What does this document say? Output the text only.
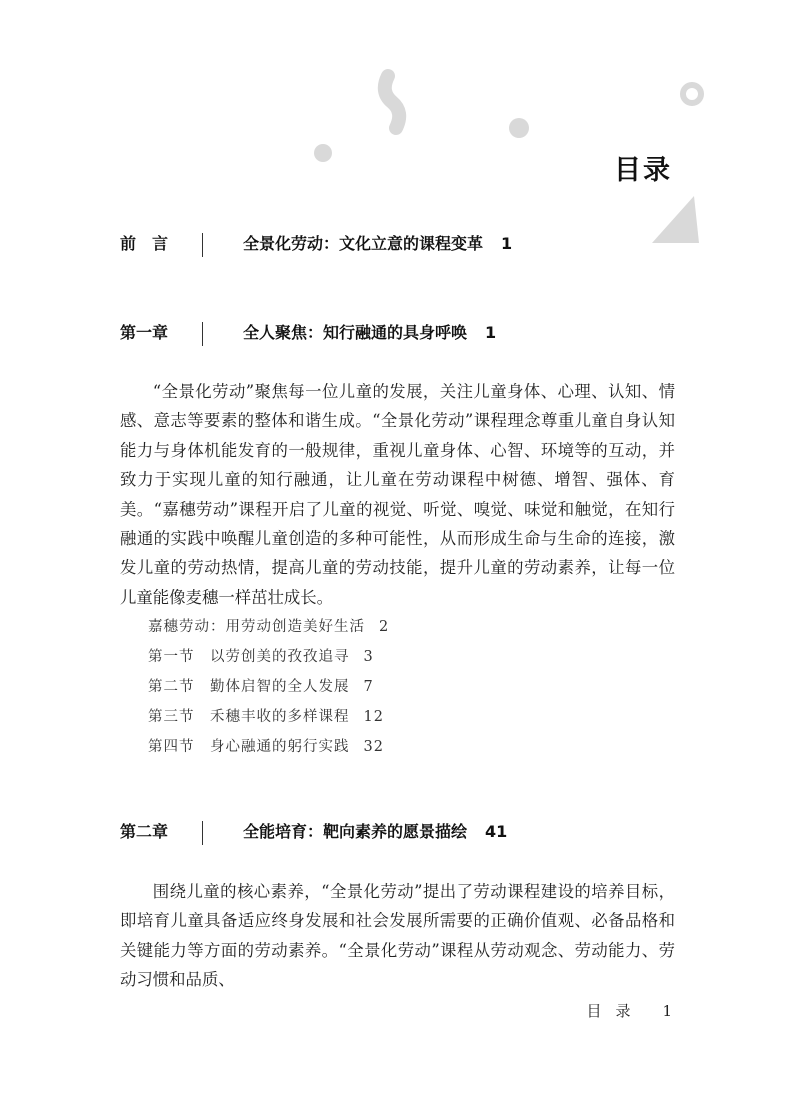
目录
前　言	全景化劳动：文化立意的课程变革 1
第一章	全人聚焦：知行融通的具身呼唤 1

“全景化劳动”聚焦每一位儿童的发展，关注儿童身体、心理、认知、情感、意志等要素的整体和谐生成。“全景化劳动”课程理念尊重儿童自身认知能力与身体机能发育的一般规律，重视儿童身体、心智、环境等的互动，并致力于实现儿童的知行融通，让儿童在劳动课程中树德、增智、强体、育美。“嘉穗劳动”课程开启了儿童的视觉、听觉、嗅觉、味觉和触觉，在知行融通的实践中唤醒儿童创造的多种可能性，从而形成生命与生命的连接，激发儿童的劳动热情，提高儿童的劳动技能，提升儿童的劳动素养，让每一位儿童能像麦穗一样茁壮成长。

嘉穗劳动：用劳动创造美好生活 2
第一节 以劳创美的孜孜追寻 3
第二节 勤体启智的全人发展 7
第三节 禾穗丰收的多样课程 12
第四节 身心融通的躬行实践 32
第二章	全能培育：靶向素养的愿景描绘 41

围绕儿童的核心素养，“全景化劳动”提出了劳动课程建设的培养目标，即培育儿童具备适应终身发展和社会发展所需要的正确价值观、必备品格和关键能力等方面的劳动素养。“全景化劳动”课程从劳动观念、劳动能力、劳动习惯和品质、

目录 1
